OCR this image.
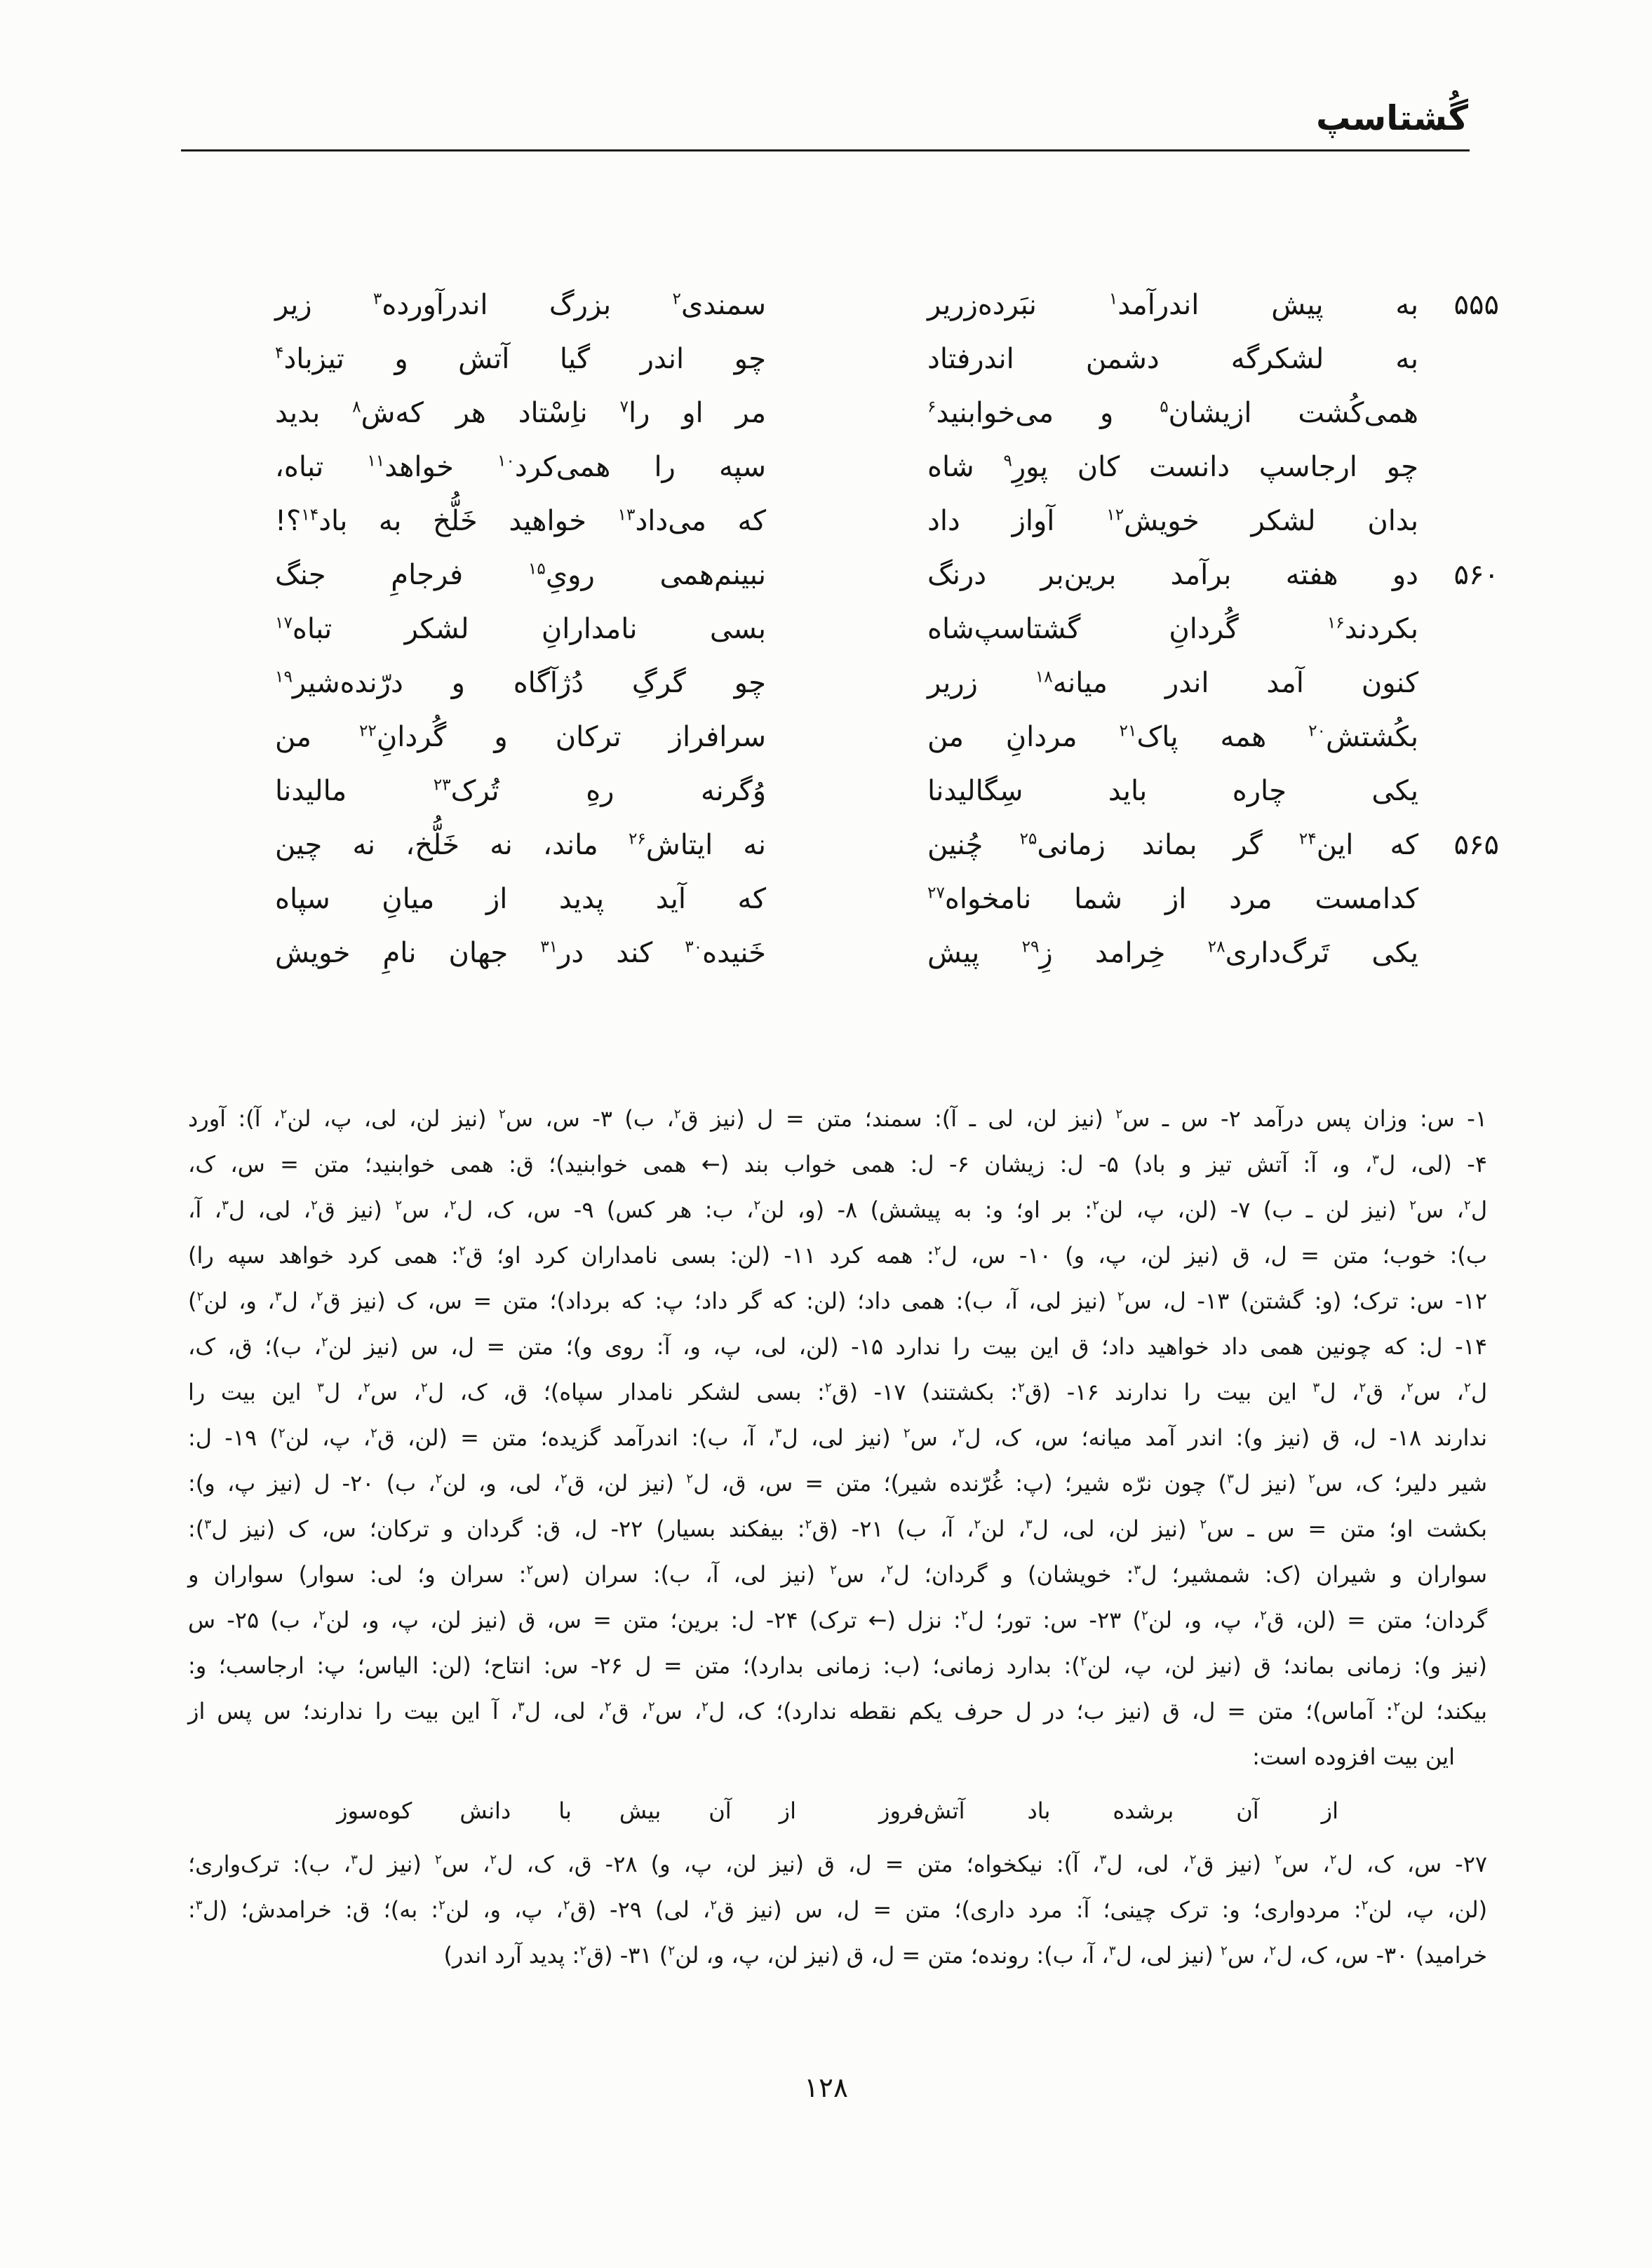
گُشتاسپ
۵۵۵
به پیش اندرآمد$^۱$ نبَرده‌زریر
سمندی$^۲$ بزرگ اندرآورده$^۳$ زیر
به لشکرگه دشمن اندرفتاد
چو اندر گیا آتش و تیزباد$^۴$
همی‌کُشت ازیشان$^۵$ و می‌خوابنید$^۶$
مر او را$^۷$ ناِسْتاد هر که‌ش$^۸$ بدید
چو ارجاسپ دانست کان پورِ$^۹$ شاه
سپه را همی‌کرد$^{۱۰}$ خواهد$^{۱۱}$ تباه،
بدان لشکر خویش$^{۱۲}$ آواز داد
که می‌داد$^{۱۳}$ خواهید خَلُّخ به باد$^{۱۴}$؟!
۵۶۰
دو هفته برآمد برین‌بر درنگ
نبینم‌همی رویِ$^{۱۵}$ فرجامِ جنگ
بکردند$^{۱۶}$ گُردانِ گشتاسپ‌شاه
بسی نامدارانِ لشکر تباه$^{۱۷}$
کنون آمد اندر میانه$^{۱۸}$ زریر
چو گرگِ دُژآگاه و درّنده‌شیر$^{۱۹}$
بکُشتش$^{۲۰}$ همه پاک$^{۲۱}$ مردانِ من
سرافراز ترکان و گُردانِ$^{۲۲}$ من
یکی چاره باید سِگالیدنا
وُگرنه رهِ تُرک$^{۲۳}$ مالیدنا
۵۶۵
که این$^{۲۴}$ گر بماند زمانی$^{۲۵}$ چُنین
نه ایتاش$^{۲۶}$ ماند، نه خَلُّخ، نه چین
کدامست مرد از شما نامخواه$^{۲۷}$
که آید پدید از میانِ سپاه
یکی تَرگ‌داری$^{۲۸}$ خِرامد زِ$^{۲۹}$ پیش
خَنیده$^{۳۰}$ کند در$^{۳۱}$ جهان نامِ خویش
۱- س: وزان پس درآمد ۲- س ـ س$^۲$ (نیز لن، لی ـ آ): سمند؛ متن = ل (نیز ق$^۲$، ب) ۳- س، س$^۲$ (نیز لن، لی، پ، لن$^۲$، آ): آورد
۴- (لی، ل$^۳$، و، آ: آتش تیز و باد) ۵- ل: زیشان ۶- ل: همی خواب بند (← همی خوابنید)؛ ق: همی خوابنید؛ متن = س، ک،
ل$^۲$، س$^۲$ (نیز لن ـ ب) ۷- (لن، پ، لن$^۲$: بر او؛ و: به پیشش) ۸- (و، لن$^۲$، ب: هر کس) ۹- س، ک، ل$^۲$، س$^۲$ (نیز ق$^۲$، لی، ل$^۳$، آ،
ب): خوب؛ متن = ل، ق (نیز لن، پ، و) ۱۰- س، ل$^۲$: همه کرد ۱۱- (لن: بسی نامداران کرد او؛ ق$^۲$: همی کرد خواهد سپه را)
۱۲- س: ترک؛ (و: گشتن) ۱۳- ل، س$^۲$ (نیز لی، آ، ب): همی داد؛ (لن: که گر داد؛ پ: که برداد)؛ متن = س، ک (نیز ق$^۲$، ل$^۳$، و، لن$^۲$)
۱۴- ل: که چونین همی داد خواهید داد؛ ق این بیت را ندارد ۱۵- (لن، لی، پ، و، آ: روی و)؛ متن = ل، س (نیز لن$^۲$، ب)؛ ق، ک،
ل$^۲$، س$^۲$، ق$^۲$، ل$^۳$ این بیت را ندارند ۱۶- (ق$^۲$: بکشتند) ۱۷- (ق$^۲$: بسی لشکر نامدار سپاه)؛ ق، ک، ل$^۲$، س$^۲$، ل$^۳$ این بیت را
ندارند ۱۸- ل، ق (نیز و): اندر آمد میانه؛ س، ک، ل$^۲$، س$^۲$ (نیز لی، ل$^۳$، آ، ب): اندرآمد گزیده؛ متن = (لن، ق$^۲$، پ، لن$^۲$) ۱۹- ل:
شیر دلیر؛ ک، س$^۲$ (نیز ل$^۳$) چون نرّه شیر؛ (پ: غُرّنده شیر)؛ متن = س، ق، ل$^۲$ (نیز لن، ق$^۲$، لی، و، لن$^۲$، ب) ۲۰- ل (نیز پ، و):
بکشت او؛ متن = س ـ س$^۲$ (نیز لن، لی، ل$^۳$، لن$^۲$، آ، ب) ۲۱- (ق$^۲$: بیفکند بسیار) ۲۲- ل، ق: گردان و ترکان؛ س، ک (نیز ل$^۳$):
سواران و شیران (ک: شمشیر؛ ل$^۳$: خویشان) و گردان؛ ل$^۲$، س$^۲$ (نیز لی، آ، ب): سران (س$^۲$: سران و؛ لی: سوار) سواران و
گردان؛ متن = (لن، ق$^۲$، پ، و، لن$^۲$) ۲۳- س: تور؛ ل$^۲$: نزل (← ترک) ۲۴- ل: برین؛ متن = س، ق (نیز لن، پ، و، لن$^۲$، ب) ۲۵- س
(نیز و): زمانی بماند؛ ق (نیز لن، پ، لن$^۲$): بدارد زمانی؛ (ب: زمانی بدارد)؛ متن = ل ۲۶- س: انتاح؛ (لن: الیاس؛ پ: ارجاسب؛ و:
بیکند؛ لن$^۲$: آماس)؛ متن = ل، ق (نیز ب؛ در ل حرف یکم نقطه ندارد)؛ ک، ل$^۲$، س$^۲$، ق$^۲$، لی، ل$^۳$، آ این بیت را ندارند؛ س پس از
این بیت افزوده است:
از آن برشده باد آتش‌فروز
از آن بیش با دانش کوه‌سوز
۲۷- س، ک، ل$^۲$، س$^۲$ (نیز ق$^۲$، لی، ل$^۳$، آ): نیکخواه؛ متن = ل، ق (نیز لن، پ، و) ۲۸- ق، ک، ل$^۲$، س$^۲$ (نیز ل$^۳$، ب): ترک‌واری؛
(لن، پ، لن$^۲$: مردواری؛ و: ترک چینی؛ آ: مرد داری)؛ متن = ل، س (نیز ق$^۲$، لی) ۲۹- (ق$^۲$، پ، و، لن$^۲$: به)؛ ق: خرامدش؛ (ل$^۳$:
خرامید) ۳۰- س، ک، ل$^۲$، س$^۲$ (نیز لی، ل$^۳$، آ، ب): رونده؛ متن = ل، ق (نیز لن، پ، و، لن$^۲$) ۳۱- (ق$^۲$: پدید آرد اندر)
۱۲۸
